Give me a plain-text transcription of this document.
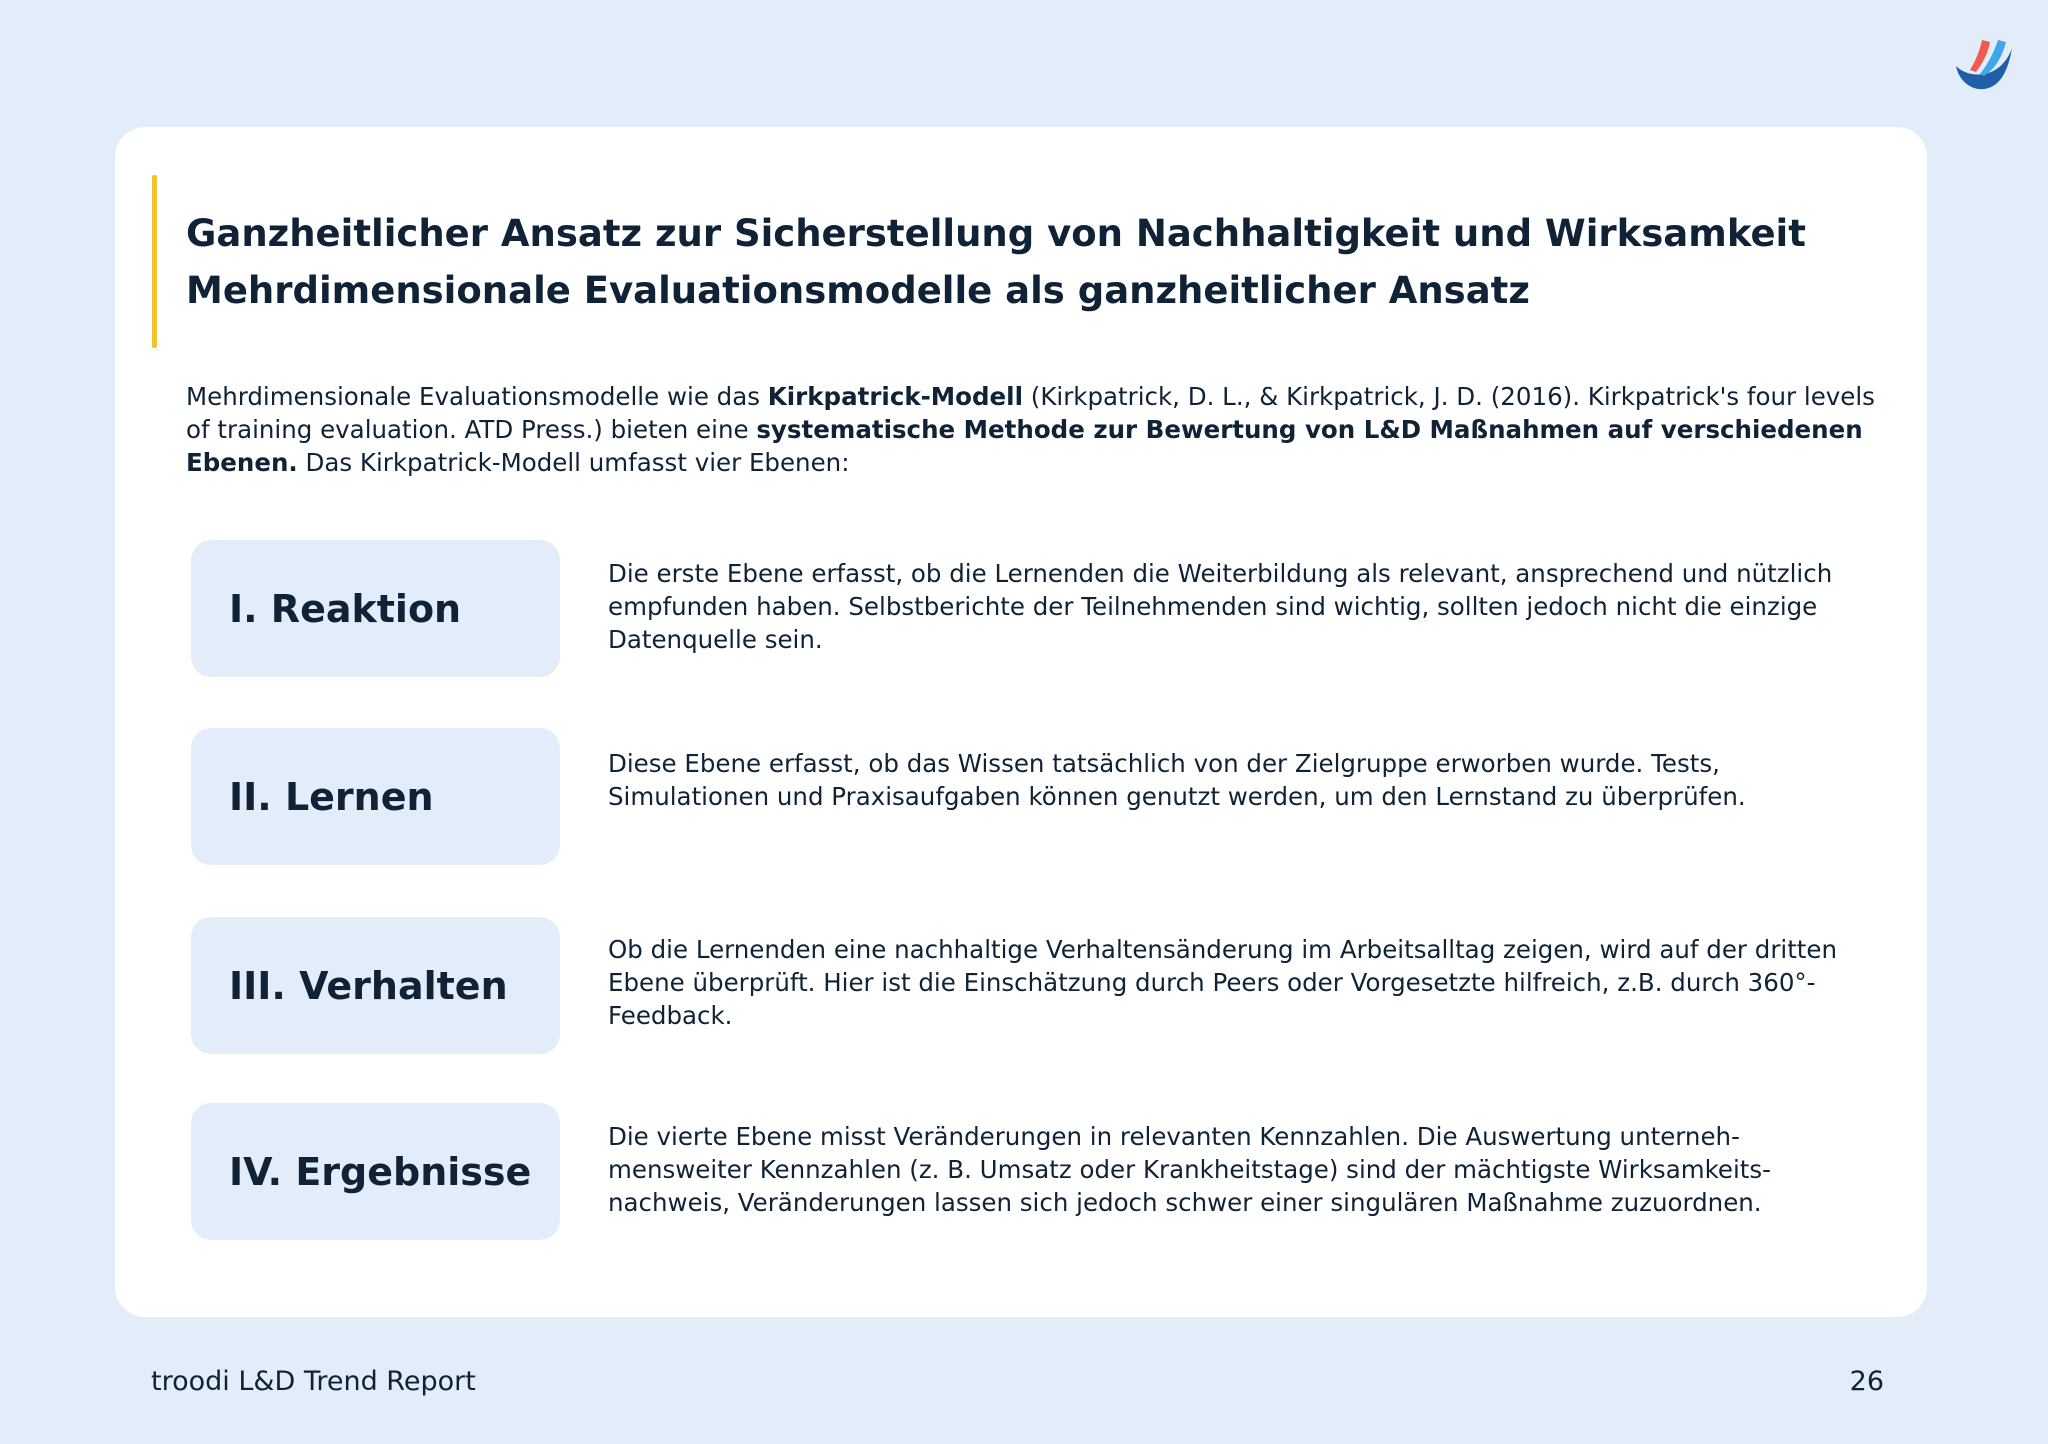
Ganzheitlicher Ansatz zur Sicherstellung von Nachhaltigkeit und Wirksamkeit
Mehrdimensionale Evaluationsmodelle als ganzheitlicher Ansatz

Mehrdimensionale Evaluationsmodelle wie das Kirkpatrick-Modell (Kirkpatrick, D. L., & Kirkpatrick, J. D. (2016). Kirkpatrick's four levels of training evaluation. ATD Press.) bieten eine systematische Methode zur Bewertung von L&D Maßnahmen auf verschiedenen Ebenen. Das Kirkpatrick-Modell umfasst vier Ebenen:

I. Reaktion

Die erste Ebene erfasst, ob die Lernenden die Weiterbildung als relevant, ansprechend und nützlich empfunden haben. Selbstberichte der Teilnehmenden sind wichtig, sollten jedoch nicht die einzige Datenquelle sein.

II. Lernen

Diese Ebene erfasst, ob das Wissen tatsächlich von der Zielgruppe erworben wurde. Tests, Simulationen und Praxisaufgaben können genutzt werden, um den Lernstand zu überprüfen.

III. Verhalten

Ob die Lernenden eine nachhaltige Verhaltensänderung im Arbeitsalltag zeigen, wird auf der dritten Ebene überprüft. Hier ist die Einschätzung durch Peers oder Vorgesetzte hilfreich, z.B. durch 360°-Feedback.

IV. Ergebnisse

Die vierte Ebene misst Veränderungen in relevanten Kennzahlen. Die Auswertung unterneh-mensweiter Kennzahlen (z. B. Umsatz oder Krankheitstage) sind der mächtigste Wirksamkeits-nachweis, Veränderungen lassen sich jedoch schwer einer singulären Maßnahme zuzuordnen.

troodi L&D Trend Report	26
